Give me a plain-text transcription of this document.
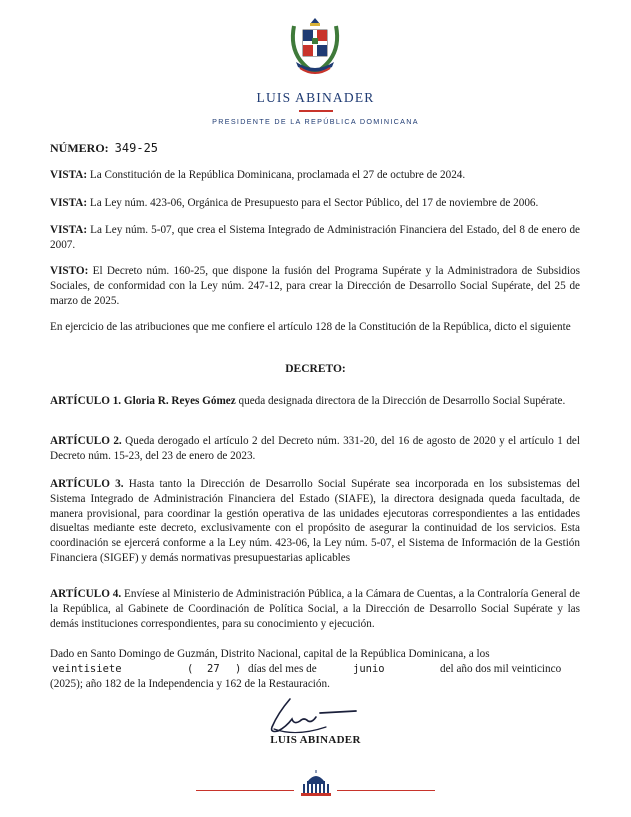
LUIS ABINADER
PRESIDENTE DE LA REPÚBLICA DOMINICANA
NÚMERO: 349-25
VISTA: La Constitución de la República Dominicana, proclamada el 27 de octubre de 2024.
VISTA: La Ley núm. 423-06, Orgánica de Presupuesto para el Sector Público, del 17 de noviembre de 2006.
VISTA: La Ley núm. 5-07, que crea el Sistema Integrado de Administración Financiera del Estado, del 8 de enero de 2007.
VISTO: El Decreto núm. 160-25, que dispone la fusión del Programa Supérate y la Administradora de Subsidios Sociales, de conformidad con la Ley núm. 247-12, para crear la Dirección de Desarrollo Social Supérate, del 25 de marzo de 2025.
En ejercicio de las atribuciones que me confiere el artículo 128 de la Constitución de la República, dicto el siguiente
DECRETO:
ARTÍCULO 1. Gloria R. Reyes Gómez queda designada directora de la Dirección de Desarrollo Social Supérate.
ARTÍCULO 2. Queda derogado el artículo 2 del Decreto núm. 331-20, del 16 de agosto de 2020 y el artículo 1 del Decreto núm. 15-23, del 23 de enero de 2023.
ARTÍCULO 3. Hasta tanto la Dirección de Desarrollo Social Supérate sea incorporada en los subsistemas del Sistema Integrado de Administración Financiera del Estado (SIAFE), la directora designada queda facultada, de manera provisional, para coordinar la gestión operativa de las unidades ejecutoras correspondientes a las entidades disueltas mediante este decreto, exclusivamente con el propósito de asegurar la continuidad de los servicios. Esta coordinación se ejercerá conforme a la Ley núm. 423-06, la Ley núm. 5-07, el Sistema de Información de la Gestión Financiera (SIGEF) y demás normativas presupuestarias aplicables
ARTÍCULO 4. Envíese al Ministerio de Administración Pública, a la Cámara de Cuentas, a la Contraloría General de la República, al Gabinete de Coordinación de Política Social, a la Dirección de Desarrollo Social Supérate y las demás instituciones correspondientes, para su conocimiento y ejecución.
Dado en Santo Domingo de Guzmán, Distrito Nacional, capital de la República Dominicana, a los
veintisiete	( 27 ) días del mes de	junio	del año dos mil veinticinco
(2025); año 182 de la Independencia y 162 de la Restauración.
LUIS ABINADER
